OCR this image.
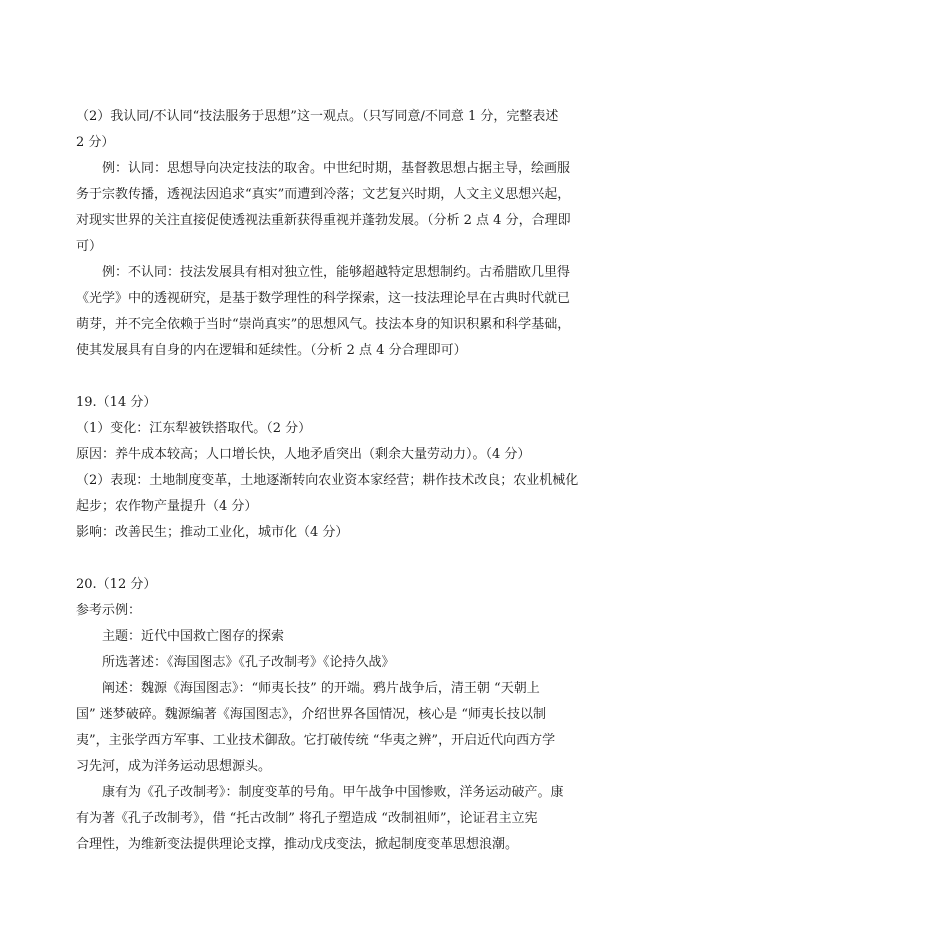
（2）我认同/不认同“技法服务于思想”这一观点。（只写同意/不同意 1 分，完整表述
2 分）
例：认同：思想导向决定技法的取舍。中世纪时期，基督教思想占据主导，绘画服
务于宗教传播，透视法因追求“真实”而遭到冷落；文艺复兴时期，人文主义思想兴起，
对现实世界的关注直接促使透视法重新获得重视并蓬勃发展。（分析 2 点 4 分，合理即
可）
例：不认同：技法发展具有相对独立性，能够超越特定思想制约。古希腊欧几里得
《光学》中的透视研究，是基于数学理性的科学探索，这一技法理论早在古典时代就已
萌芽，并不完全依赖于当时“崇尚真实”的思想风气。技法本身的知识积累和科学基础，
使其发展具有自身的内在逻辑和延续性。（分析 2 点 4 分合理即可）
19.（14 分）
（1）变化：江东犁被铁搭取代。（2 分）
原因：养牛成本较高；人口增长快，人地矛盾突出（剩余大量劳动力）。（4 分）
（2）表现：土地制度变革，土地逐渐转向农业资本家经营；耕作技术改良；农业机械化
起步；农作物产量提升（4 分）
影响：改善民生；推动工业化，城市化（4 分）
20.（12 分）
参考示例：
主题：近代中国救亡图存的探索
所选著述：《海国图志》《孔子改制考》《论持久战》
阐述：魏源《海国图志》：“师夷长技” 的开端。鸦片战争后，清王朝 “天朝上
国” 迷梦破碎。魏源编著《海国图志》，介绍世界各国情况，核心是 “师夷长技以制
夷”，主张学西方军事、工业技术御敌。它打破传统 “华夷之辨”，开启近代向西方学
习先河，成为洋务运动思想源头。
康有为《孔子改制考》：制度变革的号角。甲午战争中国惨败，洋务运动破产。康
有为著《孔子改制考》，借 “托古改制” 将孔子塑造成 “改制祖师”，论证君主立宪
合理性，为维新变法提供理论支撑，推动戊戌变法，掀起制度变革思想浪潮。
